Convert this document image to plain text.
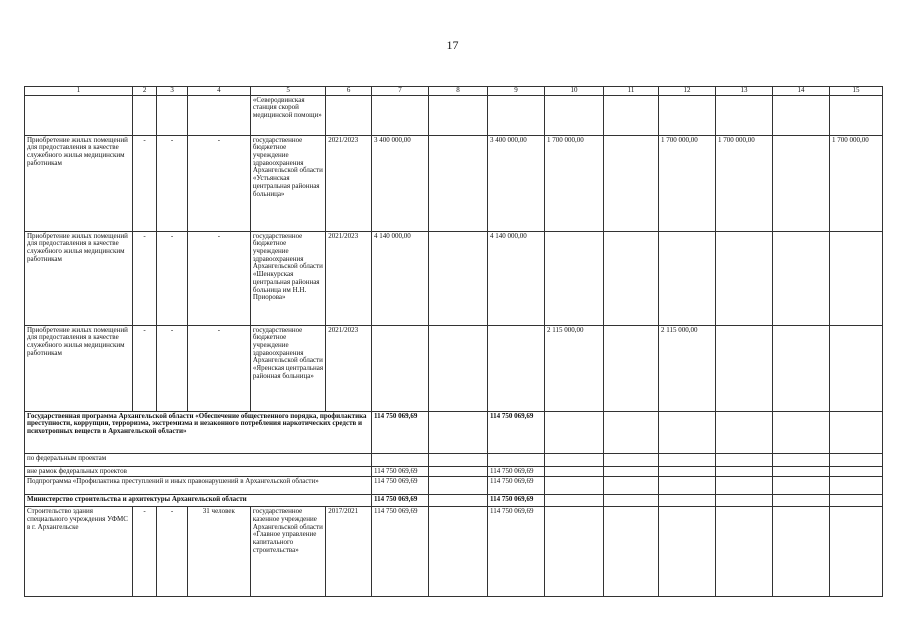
17
1	2	3	4	5	6	7	8	9	10	11	12	13	14	15
				«Северодвинская станция скорой медицинской помощи»										
Приобретение жилых помещений для предоставления в качестве служебного жилья медицинским работникам	-	-	-	государственное бюджетное учреждение здравоохранения Архангельской области «Устьянская центральная районная больница»	2021/2023	3 400 000,00		3 400 000,00	1 700 000,00		1 700 000,00	1 700 000,00		1 700 000,00
Приобретение жилых помещений для предоставления в качестве служебного жилья медицинским работникам	-	-	-	государственное бюджетное учреждение здравоохранения Архангельской области «Шенкурская центральная районная больница им Н.Н. Приорова»	2021/2023	4 140 000,00		4 140 000,00						
Приобретение жилых помещений для предоставления в качестве служебного жилья медицинским работникам	-	-	-	государственное бюджетное учреждение здравоохранения Архангельской области «Яренская центральная районная больница»	2021/2023				2 115 000,00		2 115 000,00			
Государственная программа Архангельской области «Обеспечение общественного порядка, профилактика преступности, коррупции, терроризма, экстремизма и незаконного потребления наркотических средств и психотропных веществ в Архангельской области»						114 750 069,69		114 750 069,69						
по федеральным проектам														
вне рамок федеральных проектов						114 750 069,69		114 750 069,69						
Подпрограмма «Профилактика преступлений и иных правонарушений в Архангельской области»						114 750 069,69		114 750 069,69						
Министерство строительства и архитектуры Архангельской области						114 750 069,69		114 750 069,69						
Строительство здания специального учреждения УФМС в г. Архангельске	-	-	31 человек	государственное казенное учреждение Архангельской области «Главное управление капитального строительства»	2017/2021	114 750 069,69		114 750 069,69						
